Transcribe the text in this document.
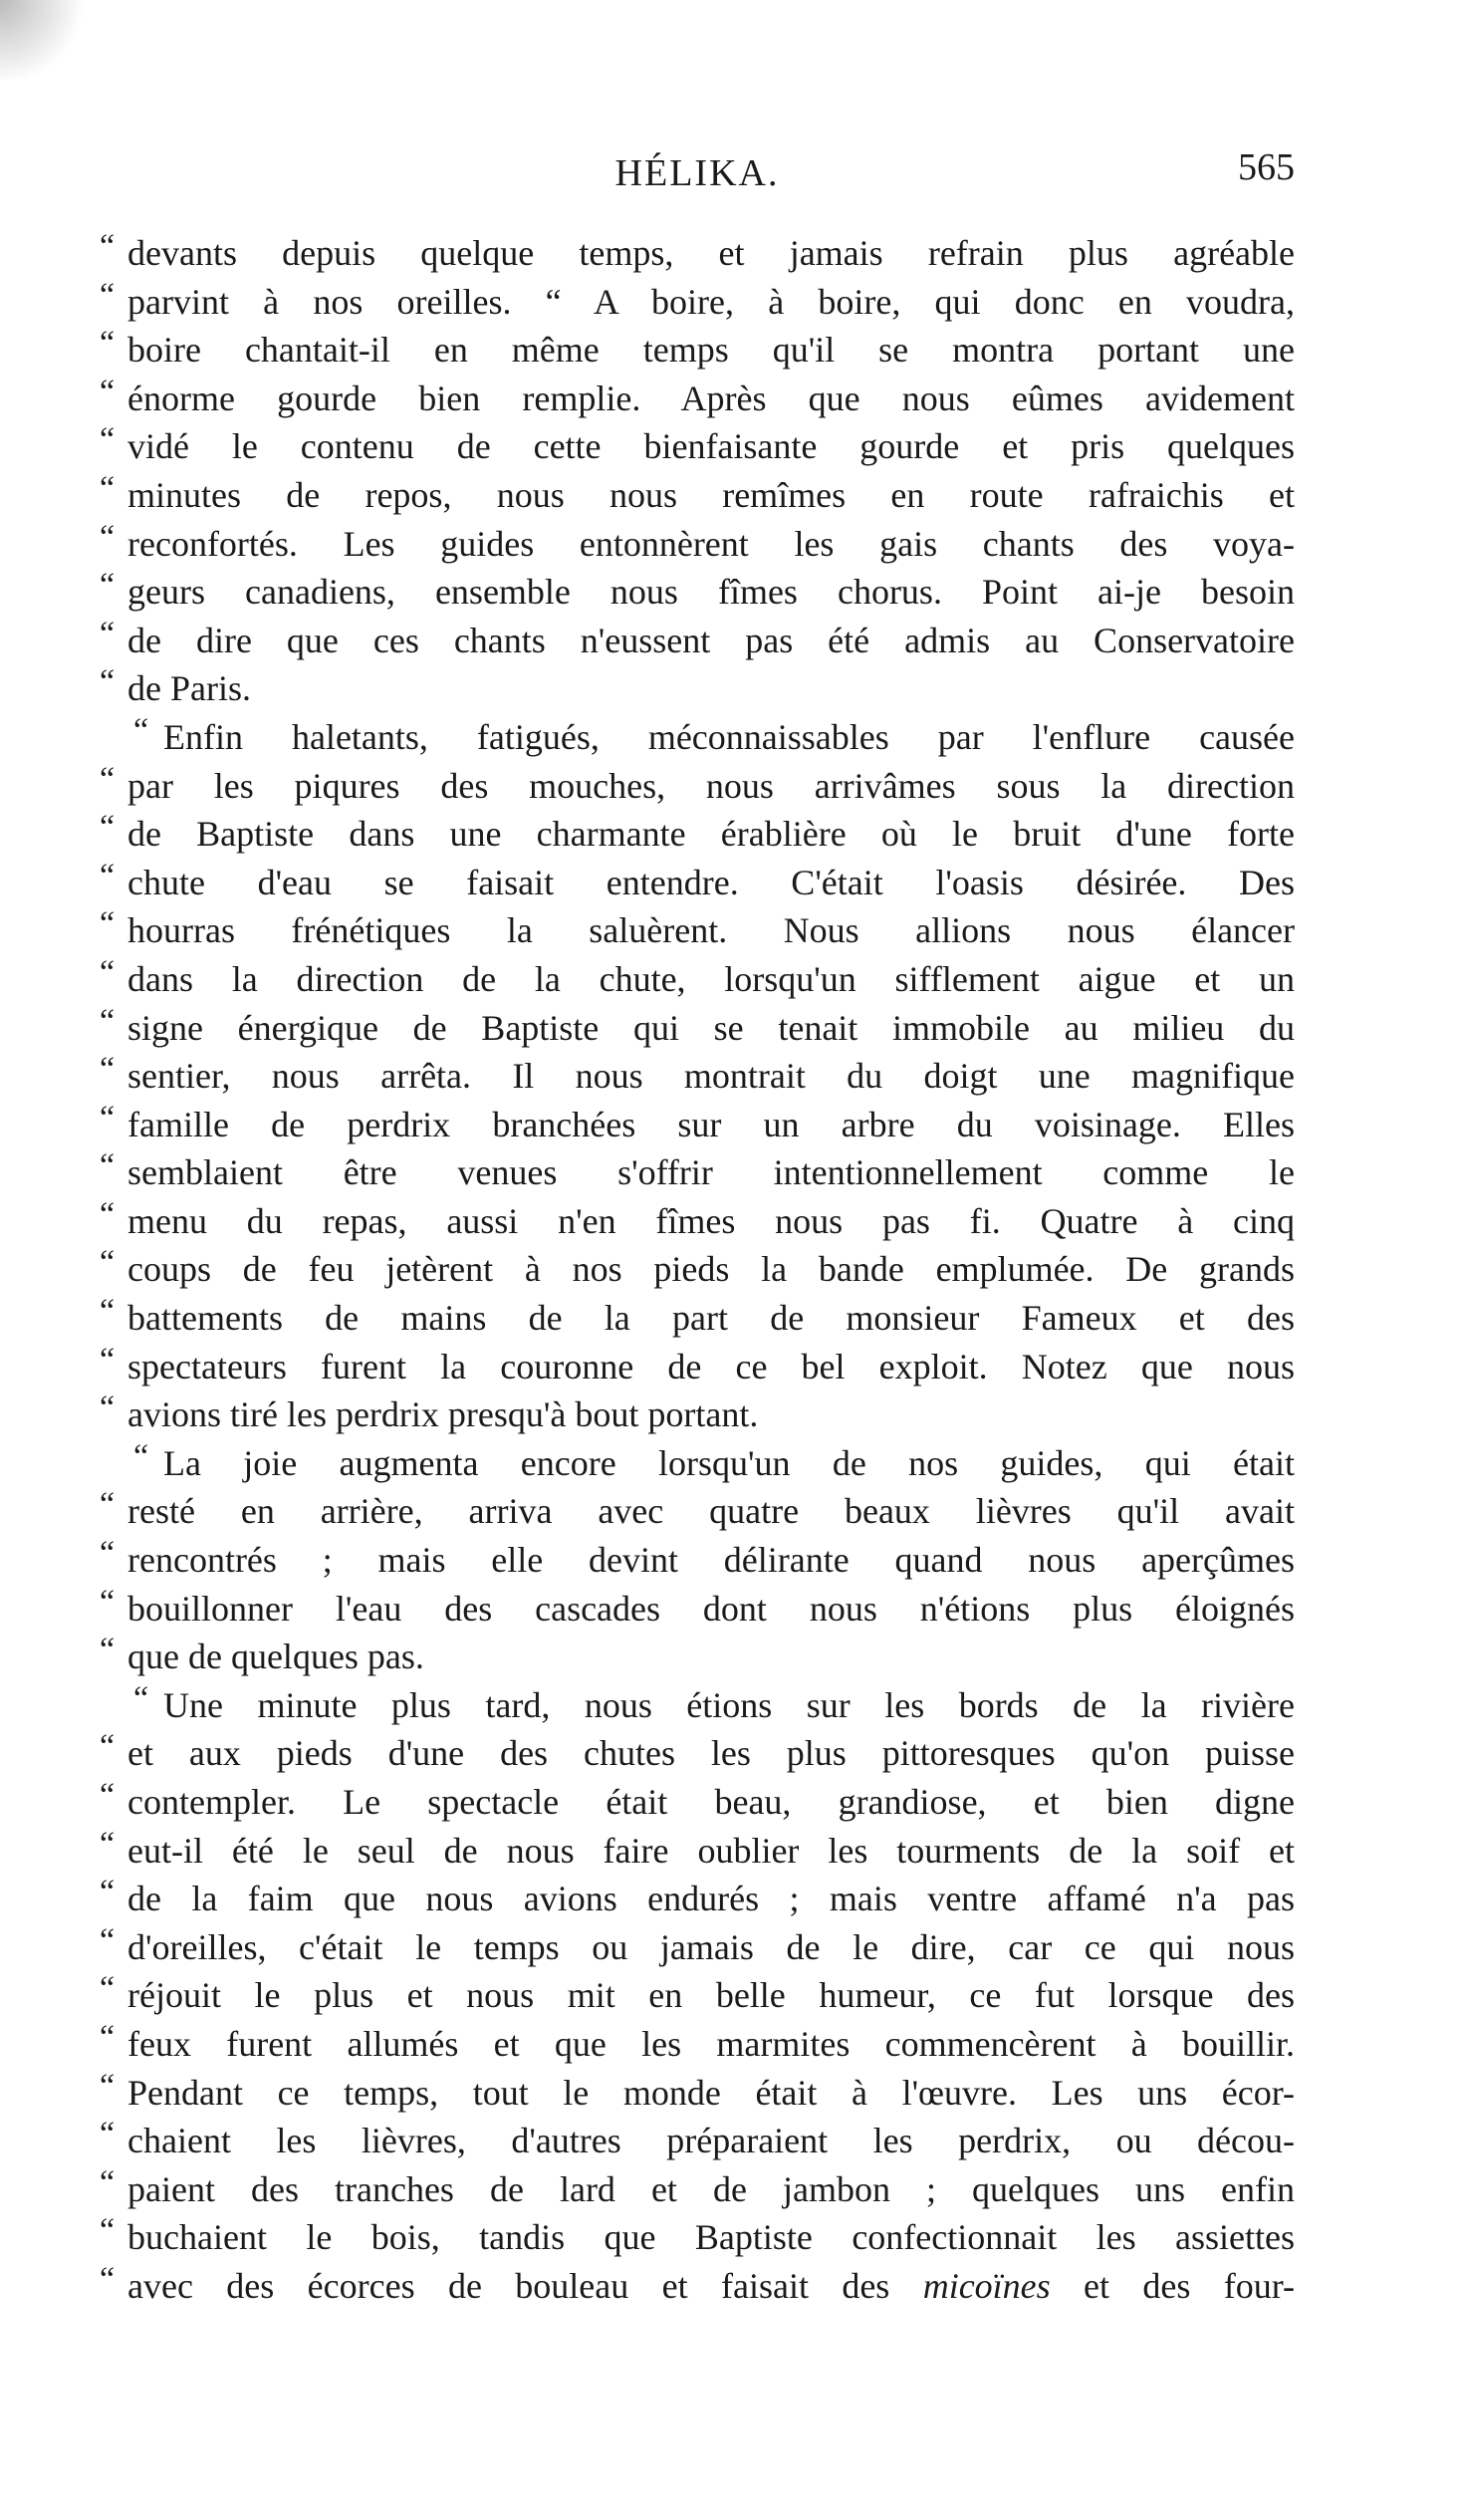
HÉLIKA.	565
“ devants depuis quelque temps, et jamais refrain plus agréable
“ parvint à nos oreilles. “ A boire, à boire, qui donc en voudra,
“ boire chantait-il en même temps qu'il se montra portant une
“ énorme gourde bien remplie. Après que nous eûmes avidement
“ vidé le contenu de cette bienfaisante gourde et pris quelques
“ minutes de repos, nous nous remîmes en route rafraichis et
“ reconfortés. Les guides entonnèrent les gais chants des voya-
“ geurs canadiens, ensemble nous fîmes chorus. Point ai-je besoin
“ de dire que ces chants n'eussent pas été admis au Conservatoire
“ de Paris.
“ Enfin haletants, fatigués, méconnaissables par l'enflure causée
“ par les piqures des mouches, nous arrivâmes sous la direction
“ de Baptiste dans une charmante érablière où le bruit d'une forte
“ chute d'eau se faisait entendre. C'était l'oasis désirée. Des
“ hourras frénétiques la saluèrent. Nous allions nous élancer
“ dans la direction de la chute, lorsqu'un sifflement aigue et un
“ signe énergique de Baptiste qui se tenait immobile au milieu du
“ sentier, nous arrêta. Il nous montrait du doigt une magnifique
“ famille de perdrix branchées sur un arbre du voisinage. Elles
“ semblaient être venues s'offrir intentionnellement comme le
“ menu du repas, aussi n'en fîmes nous pas fi. Quatre à cinq
“ coups de feu jetèrent à nos pieds la bande emplumée. De grands
“ battements de mains de la part de monsieur Fameux et des
“ spectateurs furent la couronne de ce bel exploit. Notez que nous
“ avions tiré les perdrix presqu'à bout portant.
“ La joie augmenta encore lorsqu'un de nos guides, qui était
“ resté en arrière, arriva avec quatre beaux lièvres qu'il avait
“ rencontrés ; mais elle devint délirante quand nous aperçûmes
“ bouillonner l'eau des cascades dont nous n'étions plus éloignés
“ que de quelques pas.
“ Une minute plus tard, nous étions sur les bords de la rivière
“ et aux pieds d'une des chutes les plus pittoresques qu'on puisse
“ contempler. Le spectacle était beau, grandiose, et bien digne
“ eut-il été le seul de nous faire oublier les tourments de la soif et
“ de la faim que nous avions endurés ; mais ventre affamé n'a pas
“ d'oreilles, c'était le temps ou jamais de le dire, car ce qui nous
“ réjouit le plus et nous mit en belle humeur, ce fut lorsque des
“ feux furent allumés et que les marmites commencèrent à bouillir.
“ Pendant ce temps, tout le monde était à l'œuvre. Les uns écor-
“ chaient les lièvres, d'autres préparaient les perdrix, ou décou-
“ paient des tranches de lard et de jambon ; quelques uns enfin
“ buchaient le bois, tandis que Baptiste confectionnait les assiettes
“ avec des écorces de bouleau et faisait des micoïnes et des four-
